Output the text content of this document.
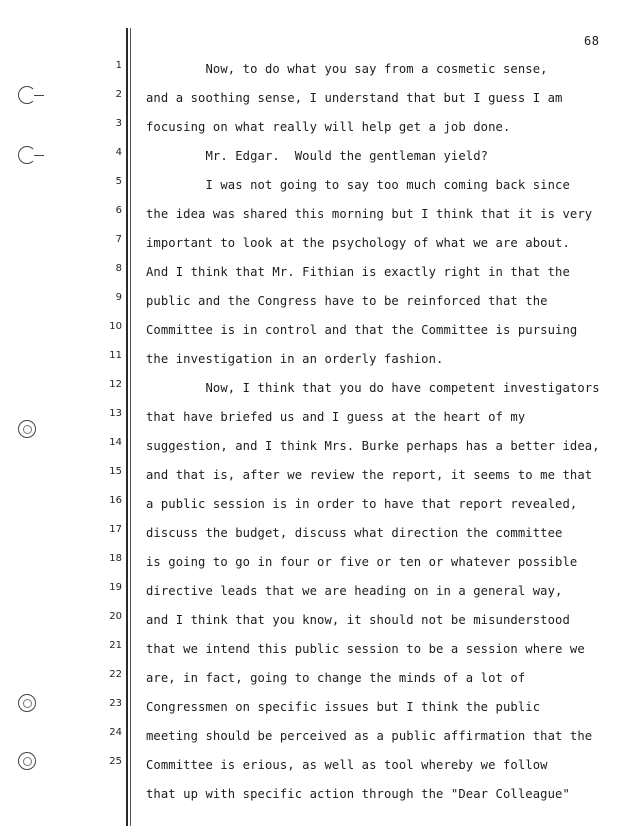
68
1
2
3
4
5
6
7
8
9
10
11
12
13
14
15
16
17
18
19
20
21
22
23
24
25
Now, to do what you say from a cosmetic sense,
and a soothing sense, I understand that but I guess I am
focusing on what really will help get a job done.
Mr. Edgar.  Would the gentleman yield?
I was not going to say too much coming back since
the idea was shared this morning but I think that it is very
important to look at the psychology of what we are about.
And I think that Mr. Fithian is exactly right in that the
public and the Congress have to be reinforced that the
Committee is in control and that the Committee is pursuing
the investigation in an orderly fashion.
Now, I think that you do have competent investigators
that have briefed us and I guess at the heart of my
suggestion, and I think Mrs. Burke perhaps has a better idea,
and that is, after we review the report, it seems to me that
a public session is in order to have that report revealed,
discuss the budget, discuss what direction the committee
is going to go in four or five or ten or whatever possible
directive leads that we are heading on in a general way,
and I think that you know, it should not be misunderstood
that we intend this public session to be a session where we
are, in fact, going to change the minds of a lot of
Congressmen on specific issues but I think the public
meeting should be perceived as a public affirmation that the
Committee is erious, as well as tool whereby we follow
that up with specific action through the "Dear Colleague"
